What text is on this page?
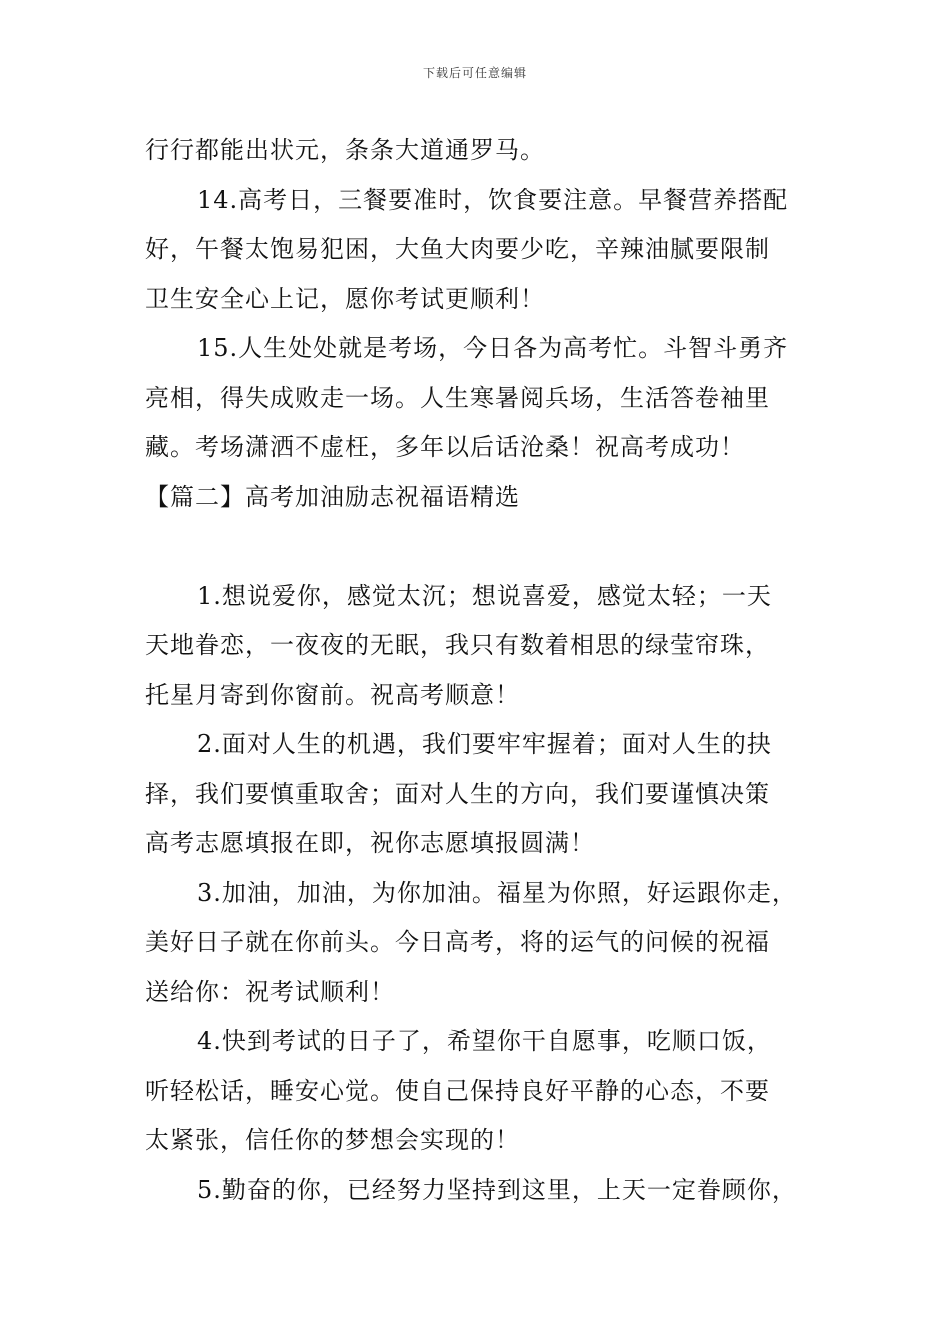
下载后可任意编辑
行行都能出状元，条条大道通罗马。
14.高考日，三餐要准时，饮食要注意。早餐营养搭配
好，午餐太饱易犯困，大鱼大肉要少吃，辛辣油腻要限制
卫生安全心上记，愿你考试更顺利！
15.人生处处就是考场，今日各为高考忙。斗智斗勇齐
亮相，得失成败走一场。人生寒暑阅兵场，生活答卷袖里
藏。考场潇洒不虚枉，多年以后话沧桑！祝高考成功！
【篇二】高考加油励志祝福语精选
1.想说爱你，感觉太沉；想说喜爱，感觉太轻；一天
天地眷恋，一夜夜的无眠，我只有数着相思的绿莹帘珠，
托星月寄到你窗前。祝高考顺意！
2.面对人生的机遇，我们要牢牢握着；面对人生的抉
择，我们要慎重取舍；面对人生的方向，我们要谨慎决策
高考志愿填报在即，祝你志愿填报圆满！
3.加油，加油，为你加油。福星为你照，好运跟你走，
美好日子就在你前头。今日高考，将的运气的问候的祝福
送给你：祝考试顺利！
4.快到考试的日子了，希望你干自愿事，吃顺口饭，
听轻松话，睡安心觉。使自己保持良好平静的心态，不要
太紧张，信任你的梦想会实现的！
5.勤奋的你，已经努力坚持到这里，上天一定眷顾你，
